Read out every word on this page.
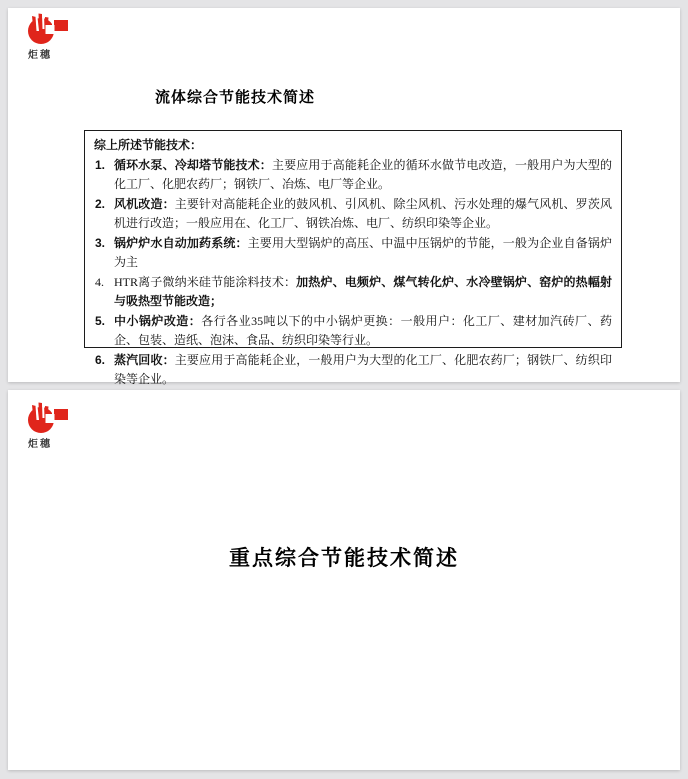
炬穗
流体综合节能技术简述
综上所述节能技术：
1. 循环水泵、冷却塔节能技术：主要应用于高能耗企业的循环水做节电改造，一般用户为大型的化工厂、化肥农药厂；钢铁厂、冶炼、电厂等企业。
2. 风机改造：主要针对高能耗企业的鼓风机、引风机、除尘风机、污水处理的爆气风机、罗茨风机进行改造；一般应用在、化工厂、钢铁冶炼、电厂、纺织印染等企业。
3. 锅炉炉水自动加药系统：主要用大型锅炉的高压、中温中压锅炉的节能，一般为企业自备锅炉为主
4. HTR离子微纳米硅节能涂料技术：加热炉、电频炉、煤气转化炉、水冷壁锅炉、窑炉的热幅射与吸热型节能改造；
5. 中小锅炉改造：各行各业35吨以下的中小锅炉更换：一般用户：化工厂、建材加汽砖厂、药企、包装、造纸、泡沫、食品、纺织印染等行业。
6. 蒸汽回收：主要应用于高能耗企业，一般用户为大型的化工厂、化肥农药厂；钢铁厂、纺织印染等企业。
炬穗
重点综合节能技术简述
